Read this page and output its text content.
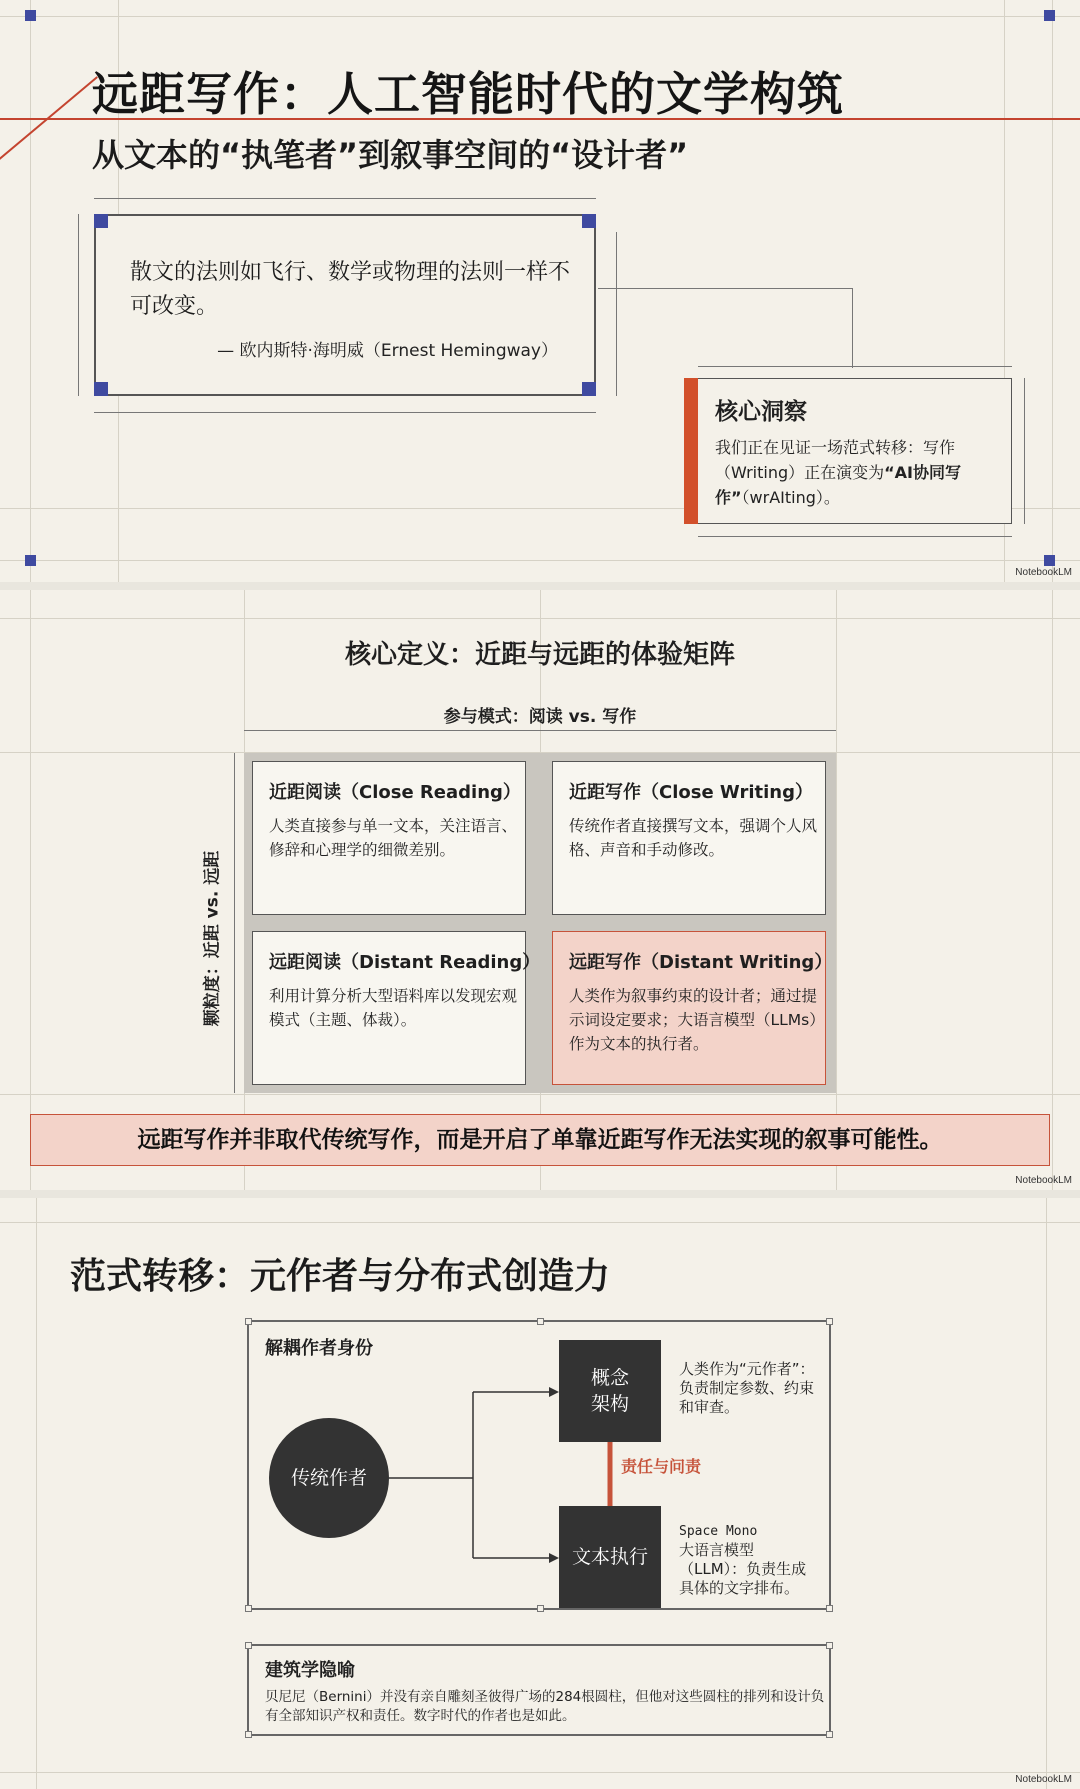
远距写作：人工智能时代的文学构筑
从文本的“执笔者”到叙事空间的“设计者”

散文的法则如飞行、数学或物理的法则一样不可改变。

— 欧内斯特·海明威（Ernest Hemingway）

核心洞察

我们正在见证一场范式转移：写作（Writing）正在演变为“AI协同写作”（wrAIting）。

NotebookLM
核心定义：近距与远距的体验矩阵
参与模式：阅读 vs. 写作
颗粒度：近距 vs. 远距
近距阅读（Close Reading）

人类直接参与单一文本，关注语言、修辞和心理学的细微差别。

近距写作（Close Writing）

传统作者直接撰写文本，强调个人风格、声音和手动修改。

远距阅读（Distant Reading）

利用计算分析大型语料库以发现宏观模式（主题、体裁）。

远距写作（Distant Writing）

人类作为叙事约束的设计者；通过提示词设定要求；大语言模型（LLMs）作为文本的执行者。

远距写作并非取代传统写作，而是开启了单靠近距写作无法实现的叙事可能性。
NotebookLM
范式转移：元作者与分布式创造力
解耦作者身份
传统作者
概念架构
文本执行
责任与问责

人类作为“元作者”：负责制定参数、约束和审查。

Space Mono
大语言模型（LLM）：负责生成具体的文字排布。
建筑学隐喻

贝尼尼（Bernini）并没有亲自雕刻圣彼得广场的284根圆柱，但他对这些圆柱的排列和设计负有全部知识产权和责任。数字时代的作者也是如此。

NotebookLM
